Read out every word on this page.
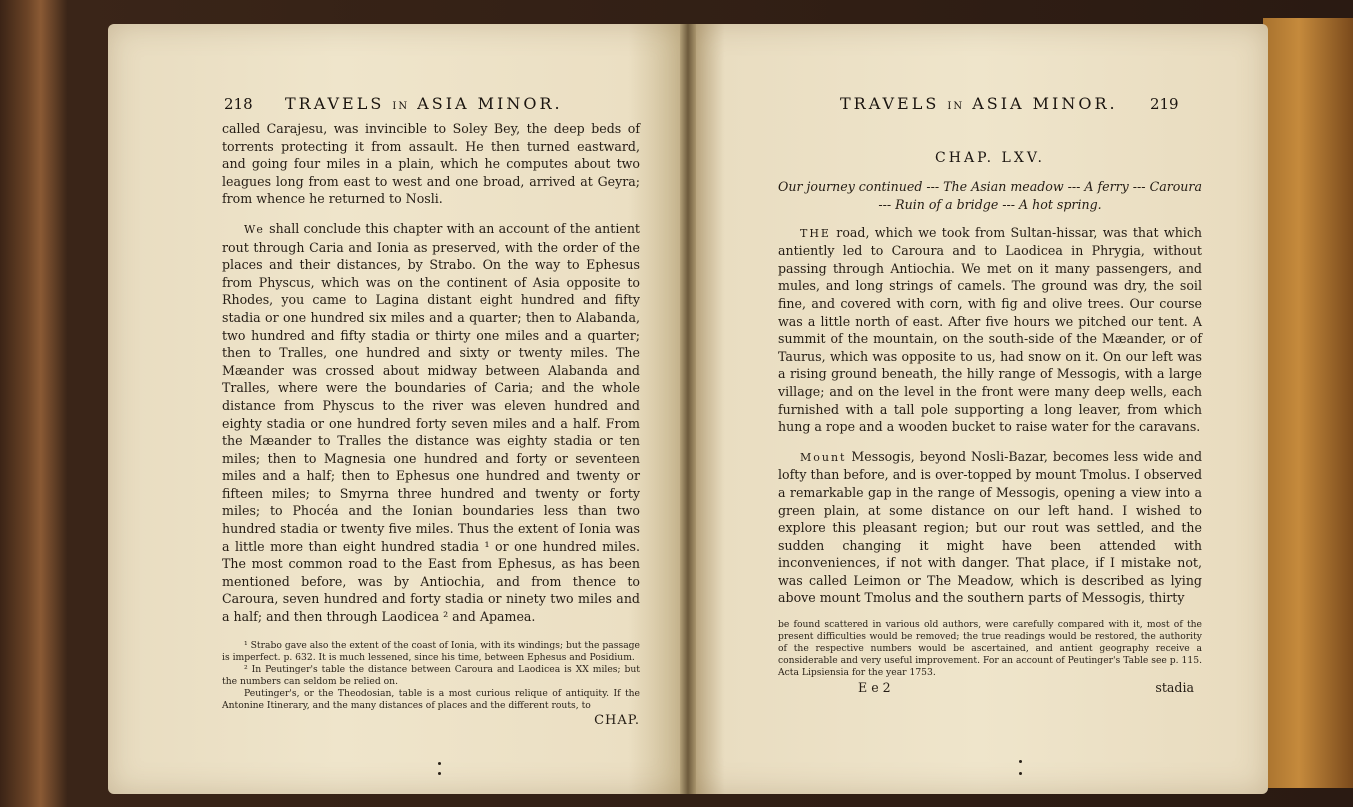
218 TRAVELS IN ASIA MINOR.

called Carajesu, was invincible to Soley Bey, the deep beds of torrents protecting it from assault. He then turned eastward, and going four miles in a plain, which he computes about two leagues long from east to west and one broad, arrived at Geyra; from whence he returned to Nosli.

We shall conclude this chapter with an account of the antient rout through Caria and Ionia as preserved, with the order of the places and their distances, by Strabo. On the way to Ephesus from Physcus, which was on the continent of Asia opposite to Rhodes, you came to Lagina distant eight hundred and fifty stadia or one hundred six miles and a quarter; then to Alabanda, two hundred and fifty stadia or thirty one miles and a quarter; then to Tralles, one hundred and sixty or twenty miles. The Mæander was crossed about midway between Alabanda and Tralles, where were the boundaries of Caria; and the whole distance from Physcus to the river was eleven hundred and eighty stadia or one hundred forty seven miles and a half. From the Mæander to Tralles the distance was eighty stadia or ten miles; then to Magnesia one hundred and forty or seventeen miles and a half; then to Ephesus one hundred and twenty or fifteen miles; to Smyrna three hundred and twenty or forty miles; to Phocéa and the Ionian boundaries less than two hundred stadia or twenty five miles. Thus the extent of Ionia was a little more than eight hundred stadia ¹ or one hundred miles. The most common road to the East from Ephesus, as has been mentioned before, was by Antiochia, and from thence to Caroura, seven hundred and forty stadia or ninety two miles and a half; and then through Laodicea ² and Apamea.

¹ Strabo gave also the extent of the coast of Ionia, with its windings; but the passage is imperfect. p. 632. It is much lessened, since his time, between Ephesus and Posidium.

² In Peutinger's table the distance between Caroura and Laodicea is XX miles; but the numbers can seldom be relied on.

Peutinger's, or the Theodosian, table is a most curious relique of antiquity. If the Antonine Itinerary, and the many distances of places and the different routs, to

CHAP.
TRAVELS IN ASIA MINOR. 219
CHAP. LXV.
Our journey continued --- The Asian meadow --- A ferry --- Caroura --- Ruin of a bridge --- A hot spring.

THE road, which we took from Sultan-hissar, was that which antiently led to Caroura and to Laodicea in Phrygia, without passing through Antiochia. We met on it many passengers, and mules, and long strings of camels. The ground was dry, the soil fine, and covered with corn, with fig and olive trees. Our course was a little north of east. After five hours we pitched our tent. A summit of the mountain, on the south-side of the Mæander, or of Taurus, which was opposite to us, had snow on it. On our left was a rising ground beneath, the hilly range of Messogis, with a large village; and on the level in the front were many deep wells, each furnished with a tall pole supporting a long leaver, from which hung a rope and a wooden bucket to raise water for the caravans.

Mount Messogis, beyond Nosli-Bazar, becomes less wide and lofty than before, and is over-topped by mount Tmolus. I observed a remarkable gap in the range of Messogis, opening a view into a green plain, at some distance on our left hand. I wished to explore this pleasant region; but our rout was settled, and the sudden changing it might have been attended with inconveniences, if not with danger. That place, if I mistake not, was called Leimon or The Meadow, which is described as lying above mount Tmolus and the southern parts of Messogis, thirty

be found scattered in various old authors, were carefully compared with it, most of the present difficulties would be removed; the true readings would be restored, the authority of the respective numbers would be ascertained, and antient geography receive a considerable and very useful improvement. For an account of Peutinger's Table see p. 115. Acta Lipsiensia for the year 1753.
E e 2	stadia
